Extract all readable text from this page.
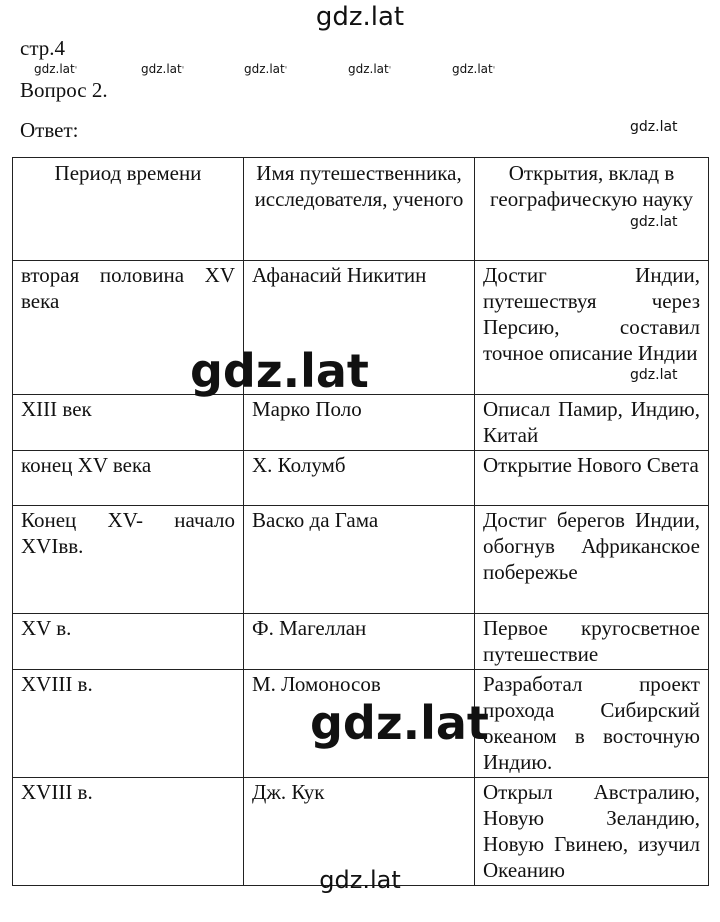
gdz.lat
стр.4
gdz.latˈ	gdz.latˈ	gdz.latˈ	gdz.latˈ	gdz.latˈ
Вопрос 2.
Ответ:	gdz.lat
Период времени	Имя путешественника, исследователя, ученого	Открытия, вклад в географическую науку
вторая половина XV века	Афанасий Никитин	Достиг Индии, путешествуя через Персию, составил точное описание Индии
XIII век	Марко Поло	Описал Памир, Индию, Китай
конец XV века	Х. Колумб	Открытие Нового Света
Конец XV- начало XVIвв.	Васко да Гама	Достиг берегов Индии, обогнув Африканское побережье
XV в.	Ф. Магеллан	Первое кругосветное путешествие
XVIII в.	М. Ломоносов	Разработал проект прохода Сибирский океаном в восточную Индию.
XVIII в.	Дж. Кук	Открыл Австралию, Новую Зеландию, Новую Гвинею, изучил Океанию
gdz.lat
gdz.lat
gdz.lat
gdz.lat
gdz.lat
